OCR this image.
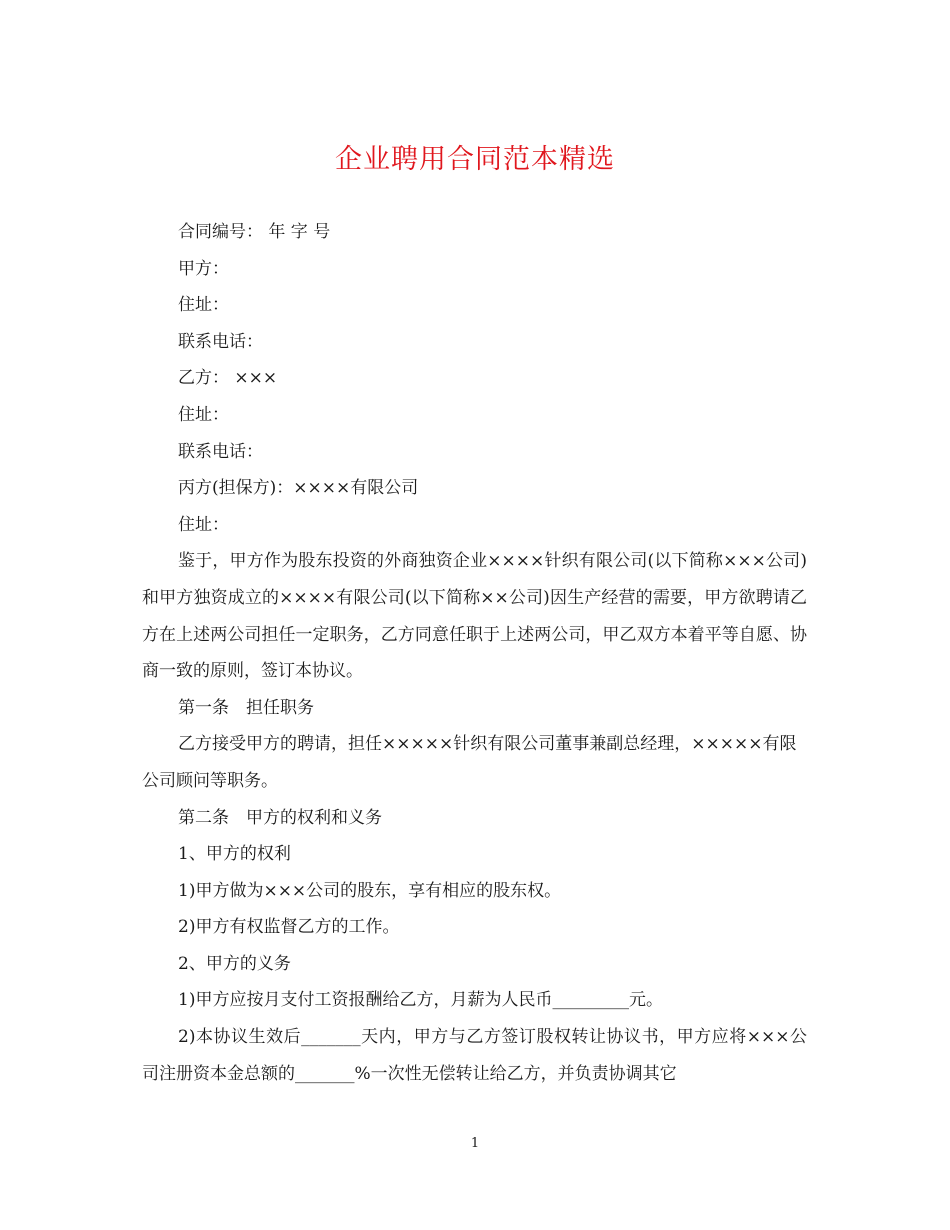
企业聘用合同范本精选

合同编号： 年 字 号

甲方：

住址：

联系电话：

乙方： ×××

住址：

联系电话：

丙方(担保方)：××××有限公司

住址：

鉴于，甲方作为股东投资的外商独资企业××××针织有限公司(以下简称×××公司)和甲方独资成立的××××有限公司(以下简称××公司)因生产经营的需要，甲方欲聘请乙方在上述两公司担任一定职务，乙方同意任职于上述两公司，甲乙双方本着平等自愿、协商一致的原则，签订本协议。

第一条　担任职务

乙方接受甲方的聘请，担任×××××针织有限公司董事兼副总经理，×××××有限公司顾问等职务。

第二条　甲方的权利和义务

1、甲方的权利

1)甲方做为×××公司的股东，享有相应的股东权。

2)甲方有权监督乙方的工作。

2、甲方的义务

1)甲方应按月支付工资报酬给乙方，月薪为人民币_________元。

2)本协议生效后_______天内，甲方与乙方签订股权转让协议书，甲方应将×××公司注册资本金总额的_______%一次性无偿转让给乙方，并负责协调其它

1
